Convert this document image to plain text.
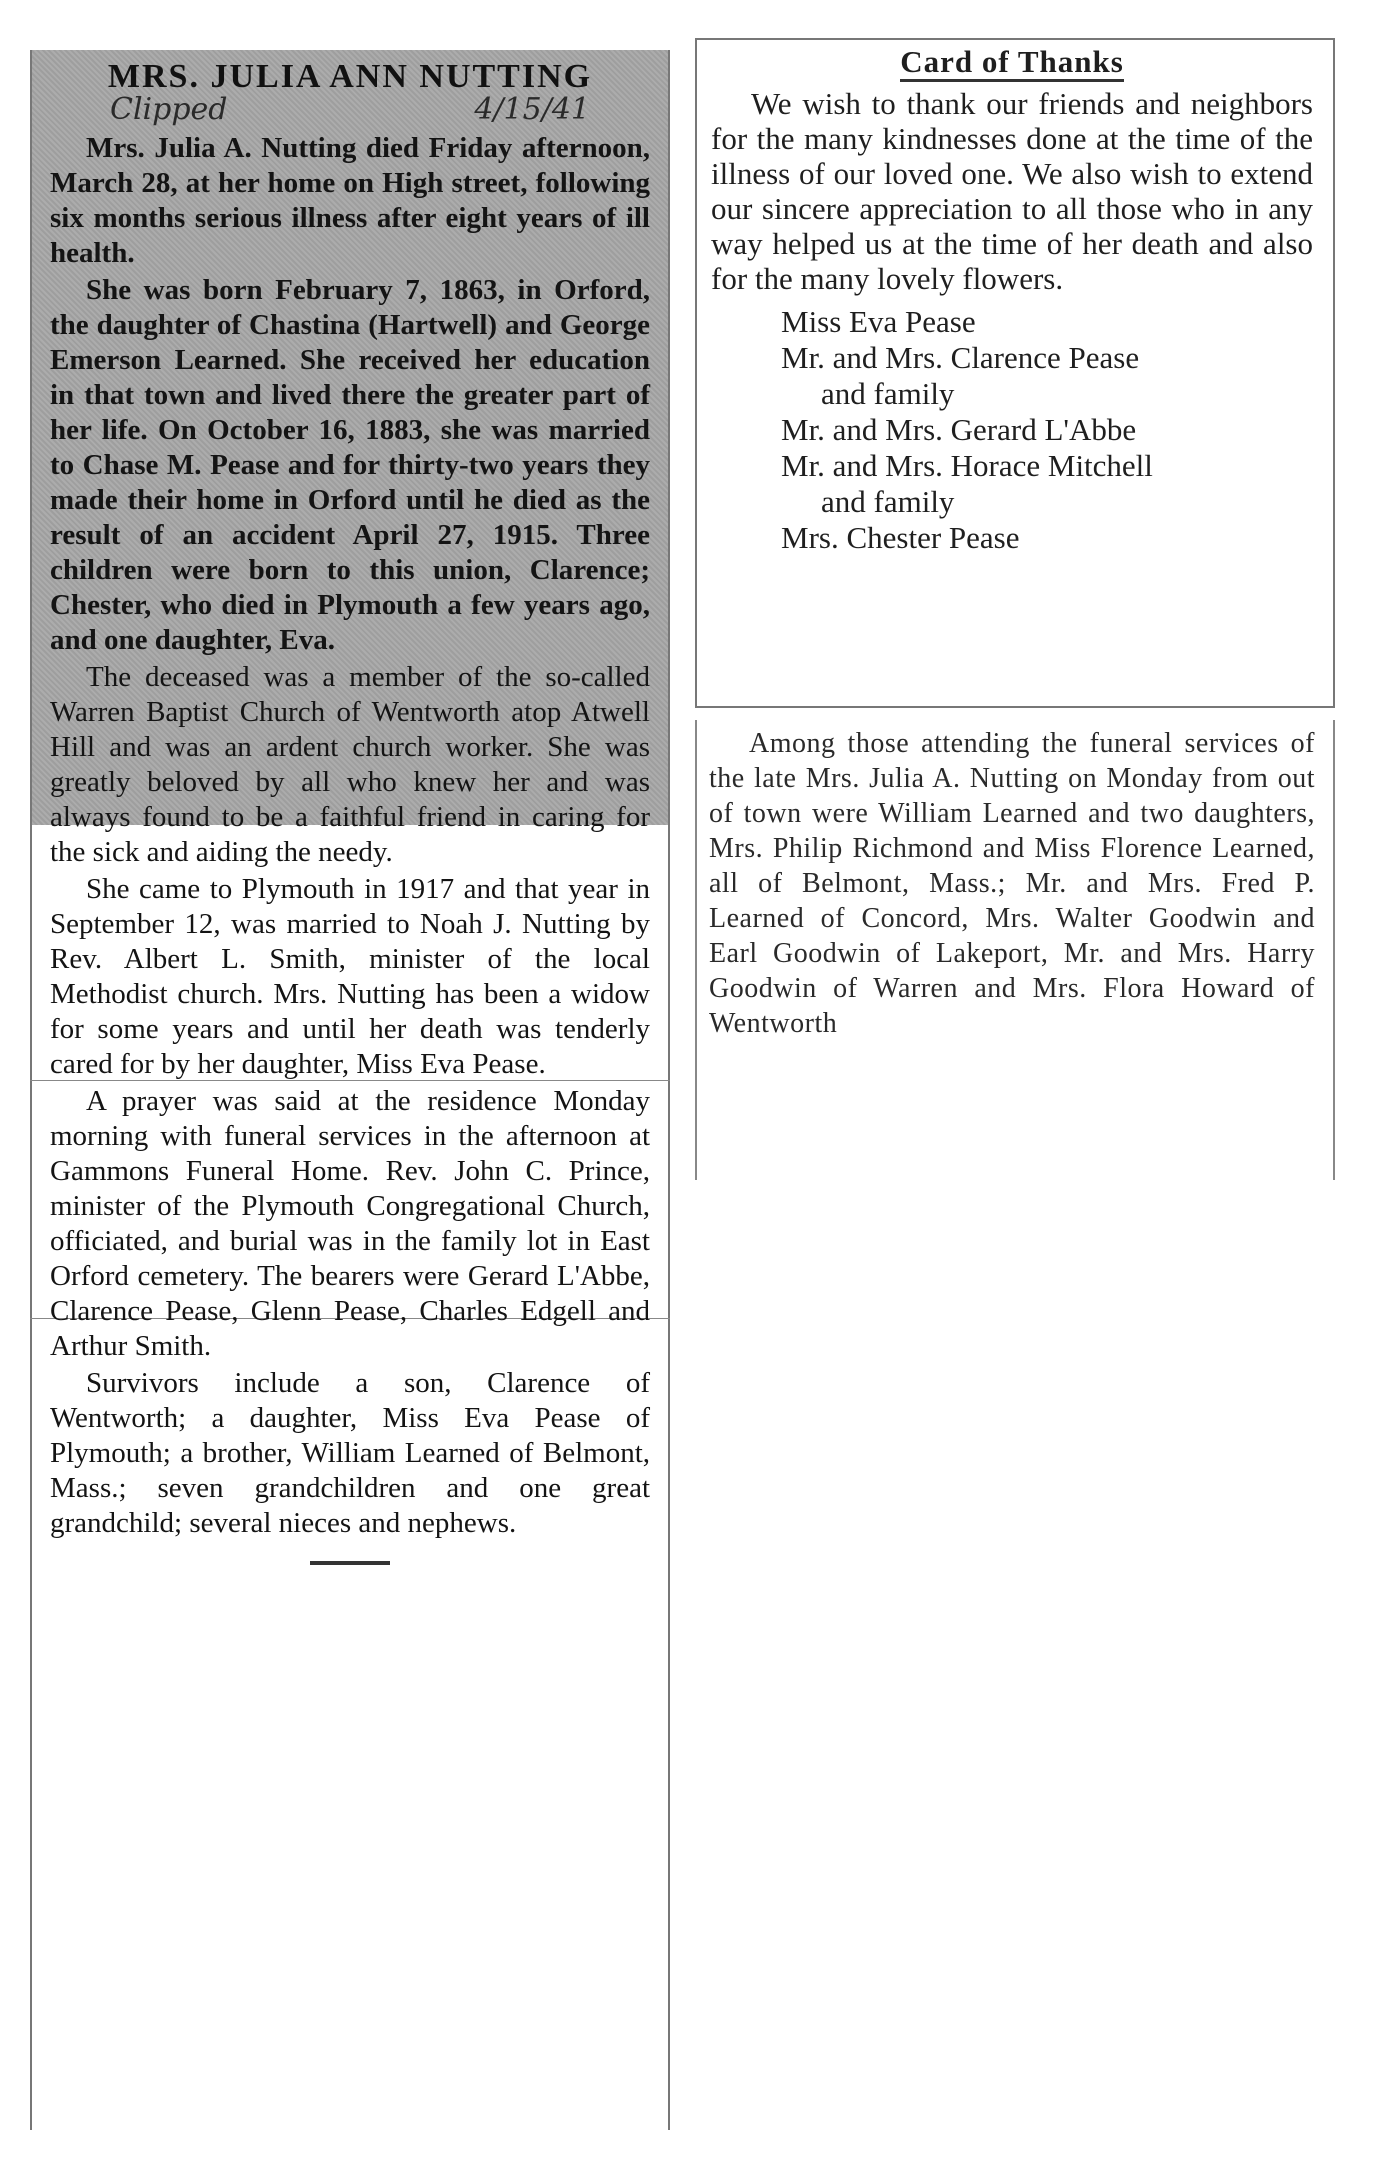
MRS. JULIA ANN NUTTING
Clipped	4/15/41

Mrs. Julia A. Nutting died Friday afternoon, March 28, at her home on High street, following six months serious illness after eight years of ill health.

She was born February 7, 1863, in Orford, the daughter of Chastina (Hartwell) and George Emerson Learned. She received her education in that town and lived there the greater part of her life. On October 16, 1883, she was married to Chase M. Pease and for thirty-two years they made their home in Orford until he died as the result of an accident April 27, 1915. Three children were born to this union, Clarence; Chester, who died in Plymouth a few years ago, and one daughter, Eva.

The deceased was a member of the so-called Warren Baptist Church of Wentworth atop Atwell Hill and was an ardent church worker. She was greatly beloved by all who knew her and was always found to be a faithful friend in caring for the sick and aiding the needy.

She came to Plymouth in 1917 and that year in September 12, was married to Noah J. Nutting by Rev. Albert L. Smith, minister of the local Methodist church. Mrs. Nutting has been a widow for some years and until her death was tenderly cared for by her daughter, Miss Eva Pease.

A prayer was said at the residence Monday morning with funeral services in the afternoon at Gammons Funeral Home. Rev. John C. Prince, minister of the Plymouth Congregational Church, officiated, and burial was in the family lot in East Orford cemetery. The bearers were Gerard L'Abbe, Clarence Pease, Glenn Pease, Charles Edgell and Arthur Smith.

Survivors include a son, Clarence of Wentworth; a daughter, Miss Eva Pease of Plymouth; a brother, William Learned of Belmont, Mass.; seven grandchildren and one great grandchild; several nieces and nephews.

Card of Thanks

We wish to thank our friends and neighbors for the many kindnesses done at the time of the illness of our loved one. We also wish to extend our sincere appreciation to all those who in any way helped us at the time of her death and also for the many lovely flowers.

Miss Eva Pease
Mr. and Mrs. Clarence Pease
and family
Mr. and Mrs. Gerard L'Abbe
Mr. and Mrs. Horace Mitchell
and family
Mrs. Chester Pease

Among those attending the funeral services of the late Mrs. Julia A. Nutting on Monday from out of town were William Learned and two daughters, Mrs. Philip Richmond and Miss Florence Learned, all of Belmont, Mass.; Mr. and Mrs. Fred P. Learned of Concord, Mrs. Walter Goodwin and Earl Goodwin of Lakeport, Mr. and Mrs. Harry Goodwin of Warren and Mrs. Flora Howard of Wentworth
